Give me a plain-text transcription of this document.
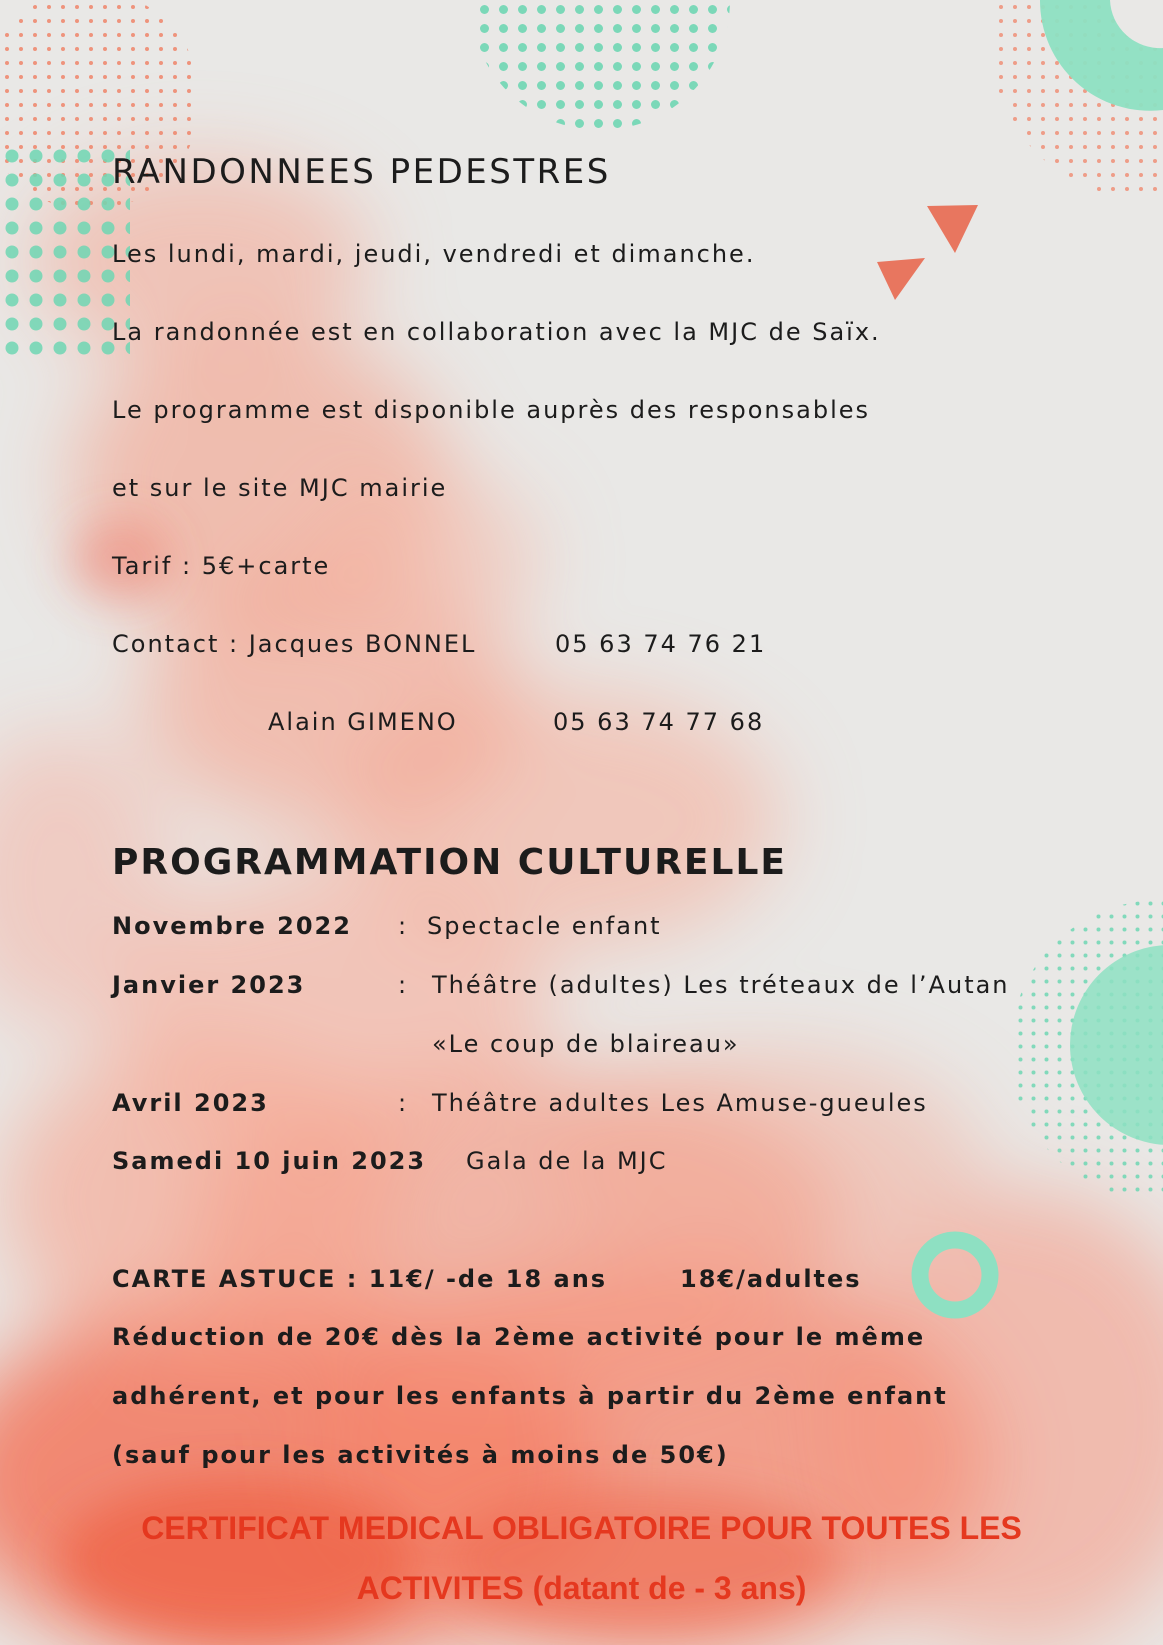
RANDONNEES PEDESTRES
Les lundi, mardi, jeudi, vendredi et dimanche.
La randonnée est en collaboration avec la MJC de Saïx.
Le programme est disponible auprès des responsables
et sur le site MJC mairie
Tarif : 5€+carte
Contact : Jacques BONNEL	05 63 74 76 21
Alain GIMENO	05 63 74 77 68
PROGRAMMATION CULTURELLE
Novembre 2022 : Spectacle enfant
Janvier 2023	: Théâtre (adultes) Les tréteaux de l’Autan
«Le coup de blaireau»
Avril 2023	: Théâtre adultes Les Amuse-gueules
Samedi 10 juin 2023 Gala de la MJC
CARTE ASTUCE : 11€/ -de 18 ans	18€/adultes
Réduction de 20€ dès la 2ème activité pour le même
adhérent, et pour les enfants à partir du 2ème enfant
(sauf pour les activités à moins de 50€)
CERTIFICAT MEDICAL OBLIGATOIRE POUR TOUTES LES
ACTIVITES (datant de - 3 ans)
